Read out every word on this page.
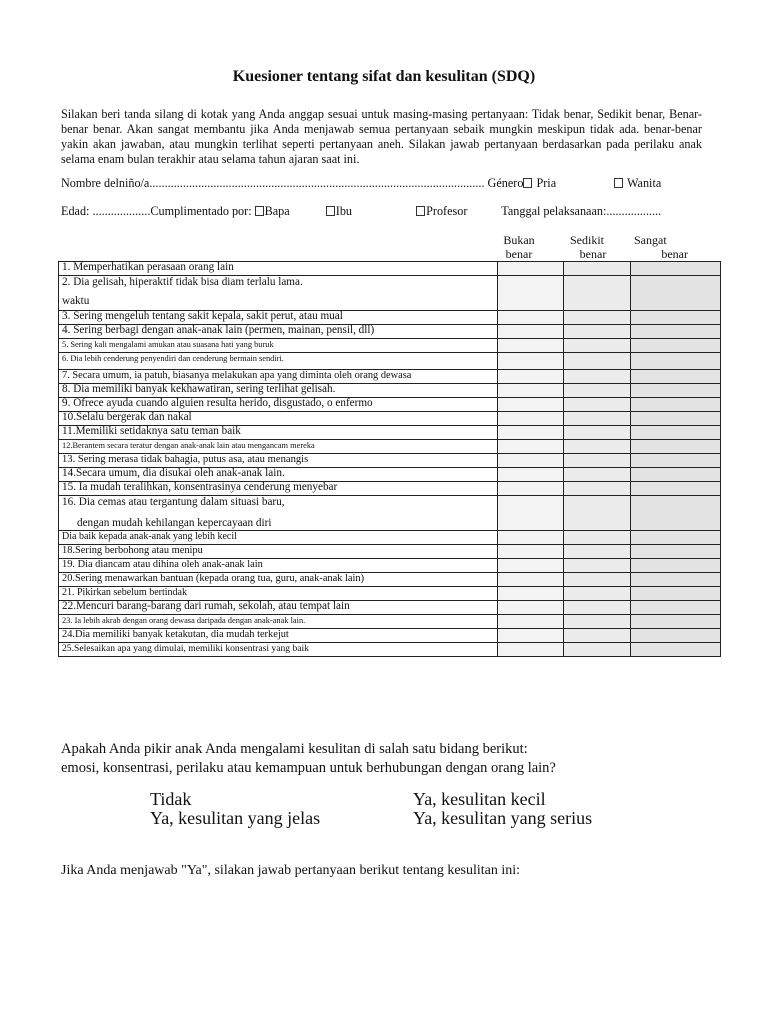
Kuesioner tentang sifat dan kesulitan (SDQ)
Silakan beri tanda silang di kotak yang Anda anggap sesuai untuk masing-masing pertanyaan: Tidak benar, Sedikit benar, Benar-benar benar. Akan sangat membantu jika Anda menjawab semua pertanyaan sebaik mungkin meskipun tidak ada. benar-benar yakin akan jawaban, atau mungkin terlihat seperti pertanyaan aneh. Silakan jawab pertanyaan berdasarkan pada perilaku anak selama enam bulan terakhir atau selama tahun ajaran saat ini.
Nombre delniño/a.............................................................................................................. Género Pria	Wanita
Edad: ...................Cumplimentado por: Bapa	Ibu	Profesor	Tanggal pelaksanaan:..................
Bukan
benar
Sedikit
benar
Sangat
benar
1. Memperhatikan perasaan orang lain			
2. Dia gelisah, hiperaktif tidak bisa diam terlalu lama.
waktu			

3. Sering mengeluh tentang sakit kepala, sakit perut, atau mual			
4. Sering berbagi dengan anak-anak lain (permen, mainan, pensil, dll)			
5. Sering kali mengalami amukan atau suasana hati yang buruk			
6. Dia lebih cenderung penyendiri dan cenderung bermain sendiri.			
7. Secara umum, ia patuh, biasanya melakukan apa yang diminta oleh orang dewasa			
8. Dia memiliki banyak kekhawatiran, sering terlihat gelisah.			
9. Ofrece ayuda cuando alguien resulta herido, disgustado, o enfermo			
10.Selalu bergerak dan nakal			
11.Memiliki setidaknya satu teman baik			
12.Berantem secara teratur dengan anak-anak lain atau mengancam mereka			
13. Sering merasa tidak bahagia, putus asa, atau menangis			
14.Secara umum, dia disukai oleh anak-anak lain.			
15. Ia mudah teralihkan, konsentrasinya cenderung menyebar			
16. Dia cemas atau tergantung dalam situasi baru,
dengan mudah kehilangan kepercayaan diri			

Dia baik kepada anak-anak yang lebih kecil			
18.Sering berbohong atau menipu			
19. Dia diancam atau dihina oleh anak-anak lain			
20.Sering menawarkan bantuan (kepada orang tua, guru, anak-anak lain)			
21. Pikirkan sebelum bertindak			
22.Mencuri barang-barang dari rumah, sekolah, atau tempat lain			
23. Ia lebih akrab dengan orang dewasa daripada dengan anak-anak lain.			
24.Dia memiliki banyak ketakutan, dia mudah terkejut			
25.Selesaikan apa yang dimulai, memiliki konsentrasi yang baik			
Apakah Anda pikir anak Anda mengalami kesulitan di salah satu bidang berikut:
emosi, konsentrasi, perilaku atau kemampuan untuk berhubungan dengan orang lain?
Tidak	Ya, kesulitan kecil
Ya, kesulitan yang jelas	Ya, kesulitan yang serius
Jika Anda menjawab "Ya", silakan jawab pertanyaan berikut tentang kesulitan ini:
